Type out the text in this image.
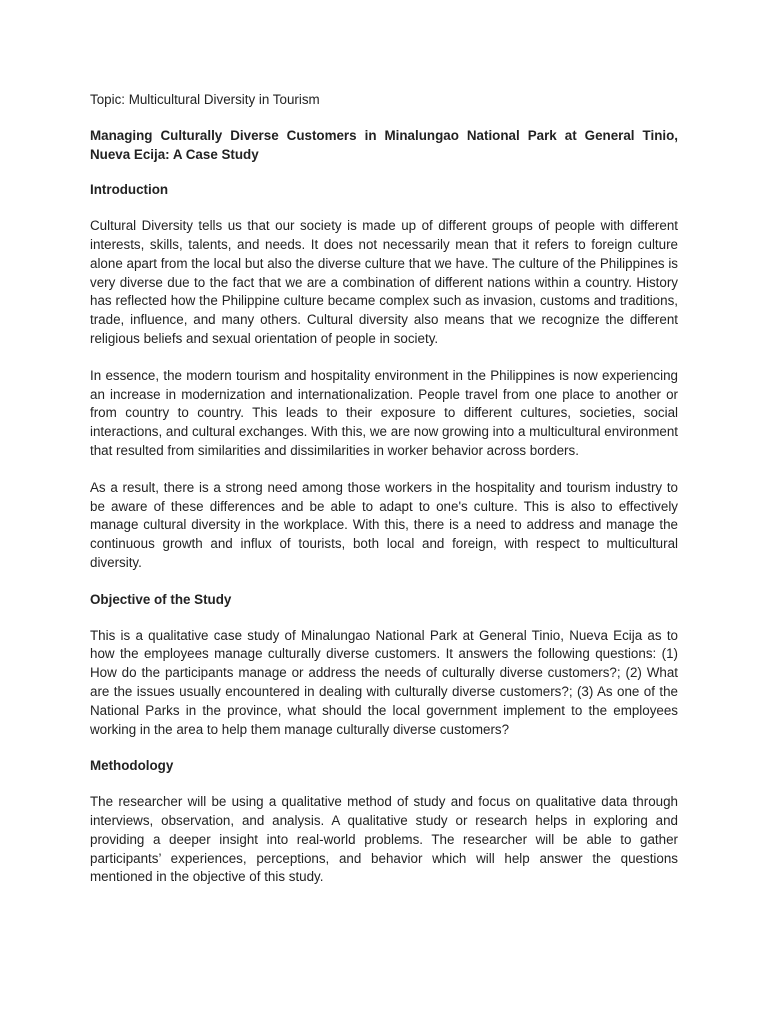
Topic: Multicultural Diversity in Tourism

Managing Culturally Diverse Customers in Minalungao National Park at General Tinio, Nueva Ecija: A Case Study

Introduction

Cultural Diversity tells us that our society is made up of different groups of people with different interests, skills, talents, and needs. It does not necessarily mean that it refers to foreign culture alone apart from the local but also the diverse culture that we have. The culture of the Philippines is very diverse due to the fact that we are a combination of different nations within a country. History has reflected how the Philippine culture became complex such as invasion, customs and traditions, trade, influence, and many others. Cultural diversity also means that we recognize the different religious beliefs and sexual orientation of people in society.

In essence, the modern tourism and hospitality environment in the Philippines is now experiencing an increase in modernization and internationalization. People travel from one place to another or from country to country. This leads to their exposure to different cultures, societies, social interactions, and cultural exchanges. With this, we are now growing into a multicultural environment that resulted from similarities and dissimilarities in worker behavior across borders.

As a result, there is a strong need among those workers in the hospitality and tourism industry to be aware of these differences and be able to adapt to one's culture. This is also to effectively manage cultural diversity in the workplace. With this, there is a need to address and manage the continuous growth and influx of tourists, both local and foreign, with respect to multicultural diversity.

Objective of the Study

This is a qualitative case study of Minalungao National Park at General Tinio, Nueva Ecija as to how the employees manage culturally diverse customers. It answers the following questions: (1) How do the participants manage or address the needs of culturally diverse customers?; (2) What are the issues usually encountered in dealing with culturally diverse customers?; (3) As one of the National Parks in the province, what should the local government implement to the employees working in the area to help them manage culturally diverse customers?

Methodology

The researcher will be using a qualitative method of study and focus on qualitative data through interviews, observation, and analysis. A qualitative study or research helps in exploring and providing a deeper insight into real-world problems. The researcher will be able to gather participants’ experiences, perceptions, and behavior which will help answer the questions mentioned in the objective of this study.
